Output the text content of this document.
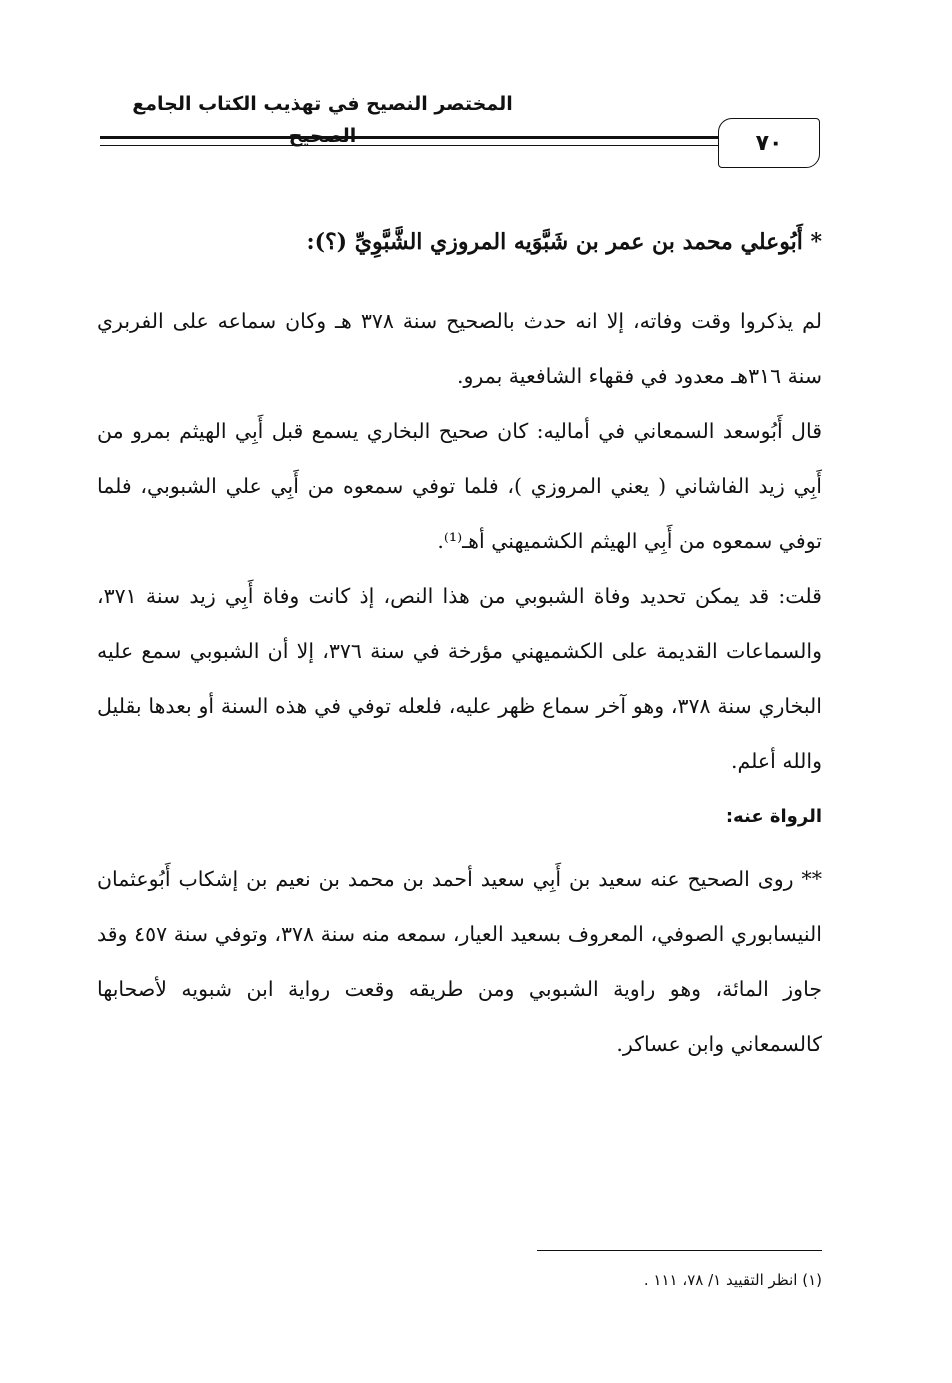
المختصر النصيح في تهذيب الكتاب الجامع
٧٠
* أَبُوعلي محمد بن عمر بن شَبَّوَيه المروزي الشَّبَّوِيِّ (؟):
لم يذكروا وقت وفاته، إلا انه حدث بالصحيح سنة ٣٧٨ هـ وكان سماعه على الفربري سنة ٣١٦هـ معدود في فقهاء الشافعية بمرو.
قال أَبُوسعد السمعاني في أماليه: كان صحيح البخاري يسمع قبل أَبِي الهيثم بمرو من أَبِي زيد الفاشاني ( يعني المروزي )، فلما توفي سمعوه من أَبِي علي الشبوبي، فلما توفي سمعوه من أَبِي الهيثم الكشميهني أهـ⁽¹⁾.
قلت: قد يمكن تحديد وفاة الشبوبي من هذا النص، إذ كانت وفاة أَبِي زيد سنة ٣٧١، والسماعات القديمة على الكشميهني مؤرخة في سنة ٣٧٦، إلا أن الشبوبي سمع عليه البخاري سنة ٣٧٨، وهو آخر سماع ظهر عليه، فلعله توفي في هذه السنة أو بعدها بقليل والله أعلم.
الرواة عنه:
** روى الصحيح عنه سعيد بن أَبِي سعيد أحمد بن محمد بن نعيم بن إشكاب أَبُوعثمان النيسابوري الصوفي، المعروف بسعيد العيار، سمعه منه سنة ٣٧٨، وتوفي سنة ٤٥٧ وقد جاوز المائة، وهو راوية الشبوبي ومن طريقه وقعت رواية ابن شبويه لأصحابها كالسمعاني وابن عساكر.
(١) انظر التقييد ١/ ٧٨، ١١١ .
